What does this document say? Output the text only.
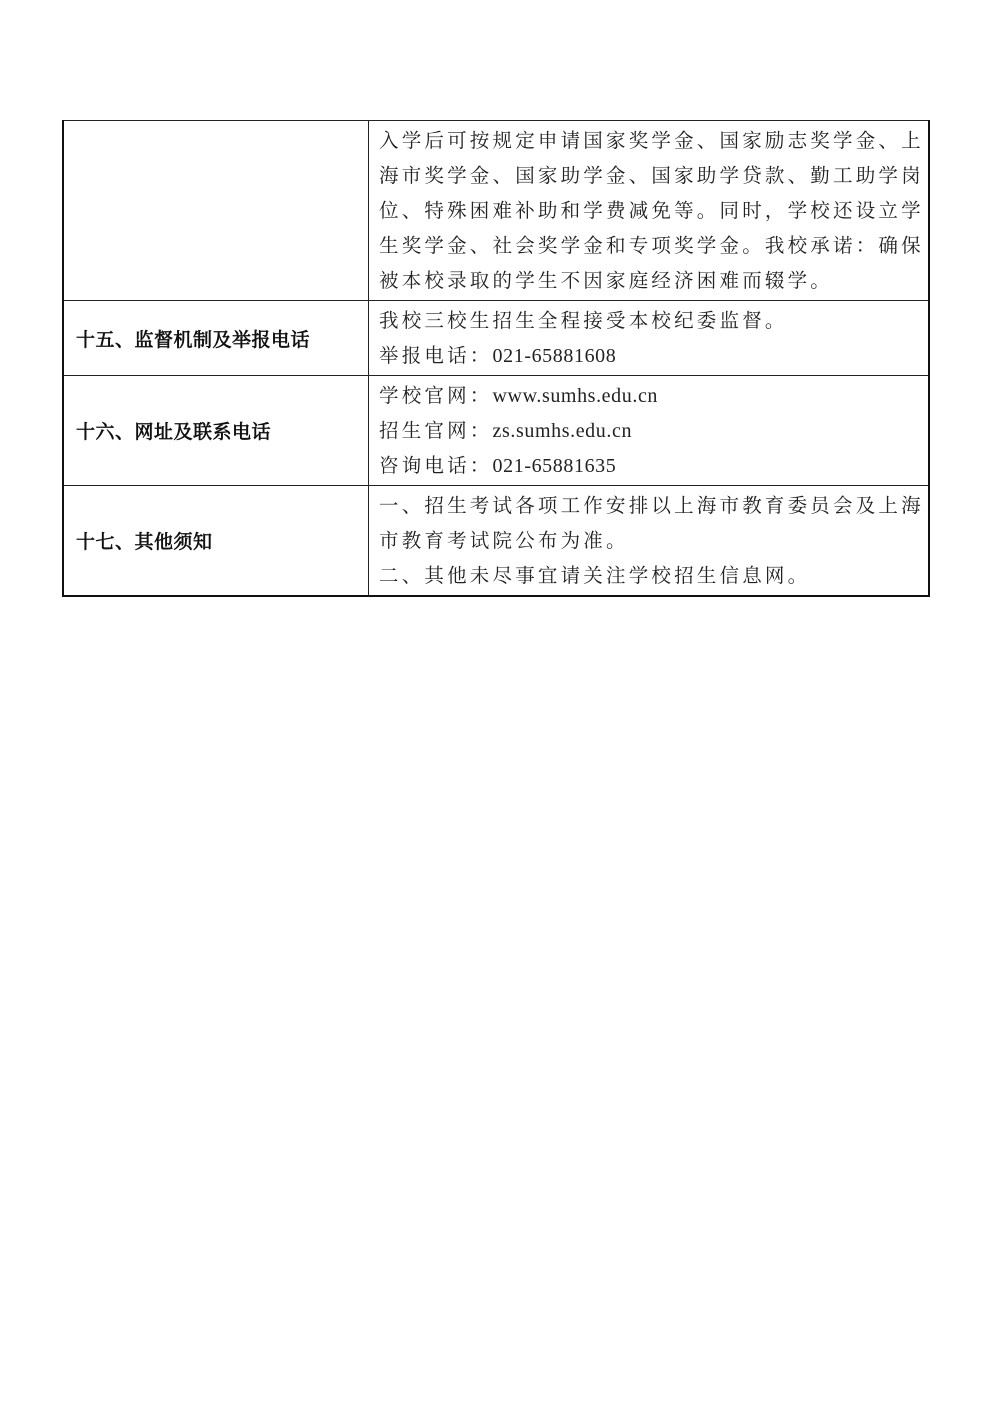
	入学后可按规定申请国家奖学金、国家励志奖学金、上
海市奖学金、国家助学金、国家助学贷款、勤工助学岗
位、特殊困难补助和学费减免等。同时，学校还设立学
生奖学金、社会奖学金和专项奖学金。我校承诺：确保
被本校录取的学生不因家庭经济困难而辍学。

十五、监督机制及举报电话	我校三校生招生全程接受本校纪委监督。
举报电话：021-65881608

十六、网址及联系电话	学校官网：www.sumhs.edu.cn
招生官网：zs.sumhs.edu.cn
咨询电话：021-65881635

十七、其他须知	一、招生考试各项工作安排以上海市教育委员会及上海
市教育考试院公布为准。
二、其他未尽事宜请关注学校招生信息网。
